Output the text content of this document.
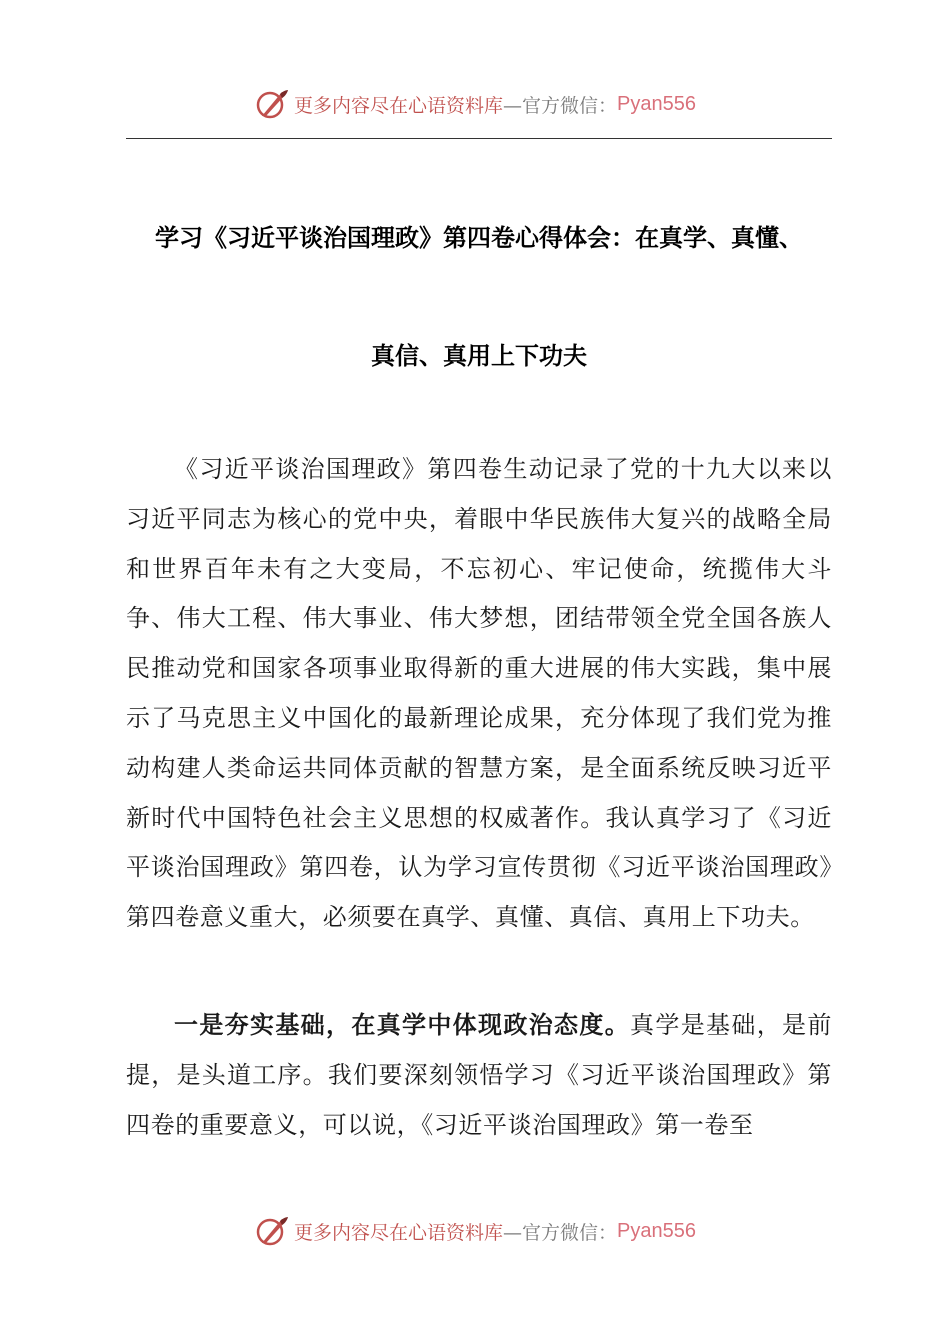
更多内容尽在心语资料库 —官方微信： Pyan556
学习《习近平谈治国理政》第四卷心得体会：在真学、真懂、
真信、真用上下功夫

《习近平谈治国理政》第四卷生动记录了党的十九大以来以习近平同志为核心的党中央，着眼中华民族伟大复兴的战略全局和世界百年未有之大变局，不忘初心、牢记使命，统揽伟大斗争、伟大工程、伟大事业、伟大梦想，团结带领全党全国各族人民推动党和国家各项事业取得新的重大进展的伟大实践，集中展示了马克思主义中国化的最新理论成果，充分体现了我们党为推动构建人类命运共同体贡献的智慧方案，是全面系统反映习近平新时代中国特色社会主义思想的权威著作。我认真学习了《习近平谈治国理政》第四卷，认为学习宣传贯彻《习近平谈治国理政》第四卷意义重大，必须要在真学、真懂、真信、真用上下功夫。

一是夯实基础，在真学中体现政治态度。真学是基础，是前提，是头道工序。我们要深刻领悟学习《习近平谈治国理政》第四卷的重要意义，可以说，《习近平谈治国理政》第一卷至

更多内容尽在心语资料库 —官方微信： Pyan556
